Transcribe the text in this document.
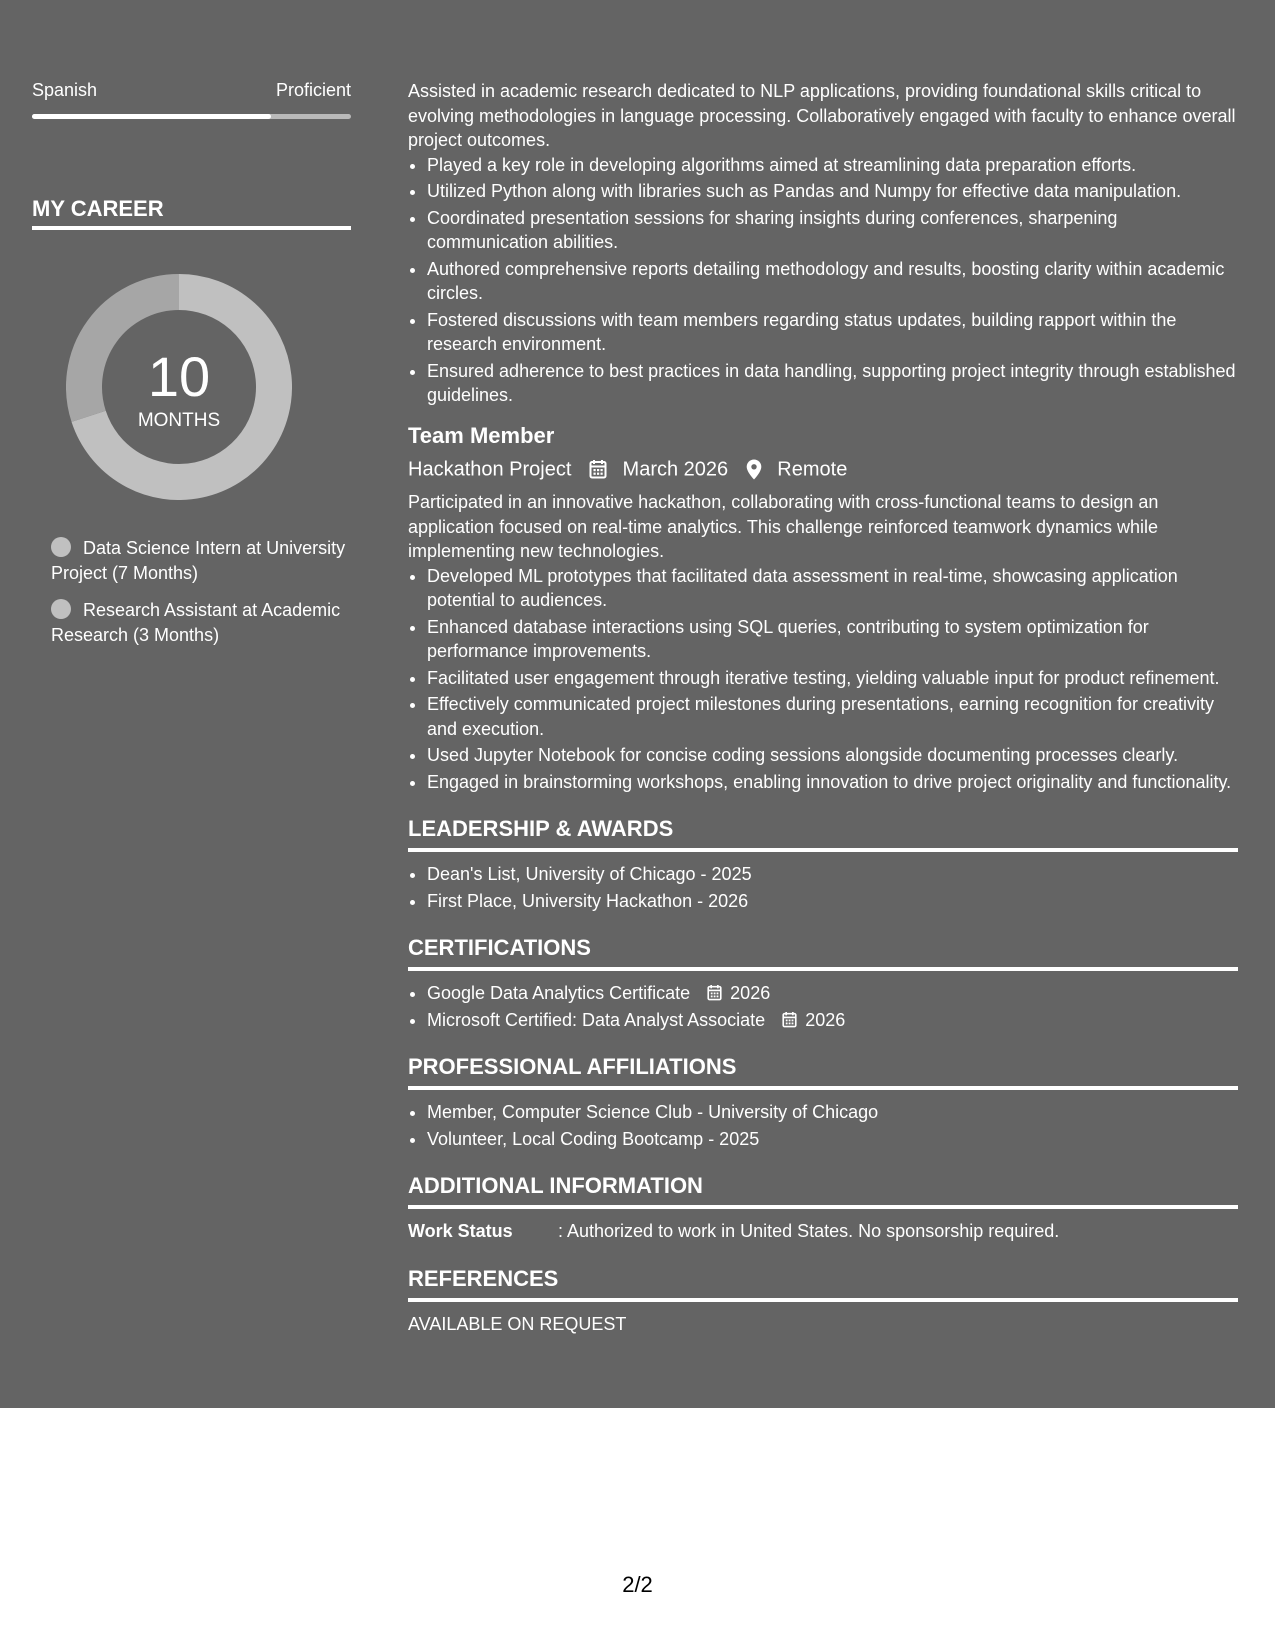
Spanish	Proficient
MY CAREER
10
MONTHS
Data Science Intern at University Project (7 Months)
Research Assistant at Academic Research (3 Months)

Assisted in academic research dedicated to NLP applications, providing foundational skills critical to evolving methodologies in language processing. Collaboratively engaged with faculty to enhance overall project outcomes.

• Played a key role in developing algorithms aimed at streamlining data preparation efforts.
• Utilized Python along with libraries such as Pandas and Numpy for effective data manipulation.
• Coordinated presentation sessions for sharing insights during conferences, sharpening communication abilities.
• Authored comprehensive reports detailing methodology and results, boosting clarity within academic circles.
• Fostered discussions with team members regarding status updates, building rapport within the research environment.
• Ensured adherence to best practices in data handling, supporting project integrity through established guidelines.
Team Member
Hackathon Project	March 2026 Remote

Participated in an innovative hackathon, collaborating with cross-functional teams to design an application focused on real-time analytics. This challenge reinforced teamwork dynamics while implementing new technologies.

• Developed ML prototypes that facilitated data assessment in real-time, showcasing application potential to audiences.
• Enhanced database interactions using SQL queries, contributing to system optimization for performance improvements.
• Facilitated user engagement through iterative testing, yielding valuable input for product refinement.
• Effectively communicated project milestones during presentations, earning recognition for creativity and execution.
• Used Jupyter Notebook for concise coding sessions alongside documenting processes clearly.
• Engaged in brainstorming workshops, enabling innovation to drive project originality and functionality.
LEADERSHIP & AWARDS
• Dean's List, University of Chicago - 2025
• First Place, University Hackathon - 2026
CERTIFICATIONS
• Google Data Analytics Certificate 2026
• Microsoft Certified: Data Analyst Associate 2026
PROFESSIONAL AFFILIATIONS
• Member, Computer Science Club - University of Chicago
• Volunteer, Local Coding Bootcamp - 2025
ADDITIONAL INFORMATION
Work Status	: Authorized to work in United States. No sponsorship required.
REFERENCES
AVAILABLE ON REQUEST
2/2
